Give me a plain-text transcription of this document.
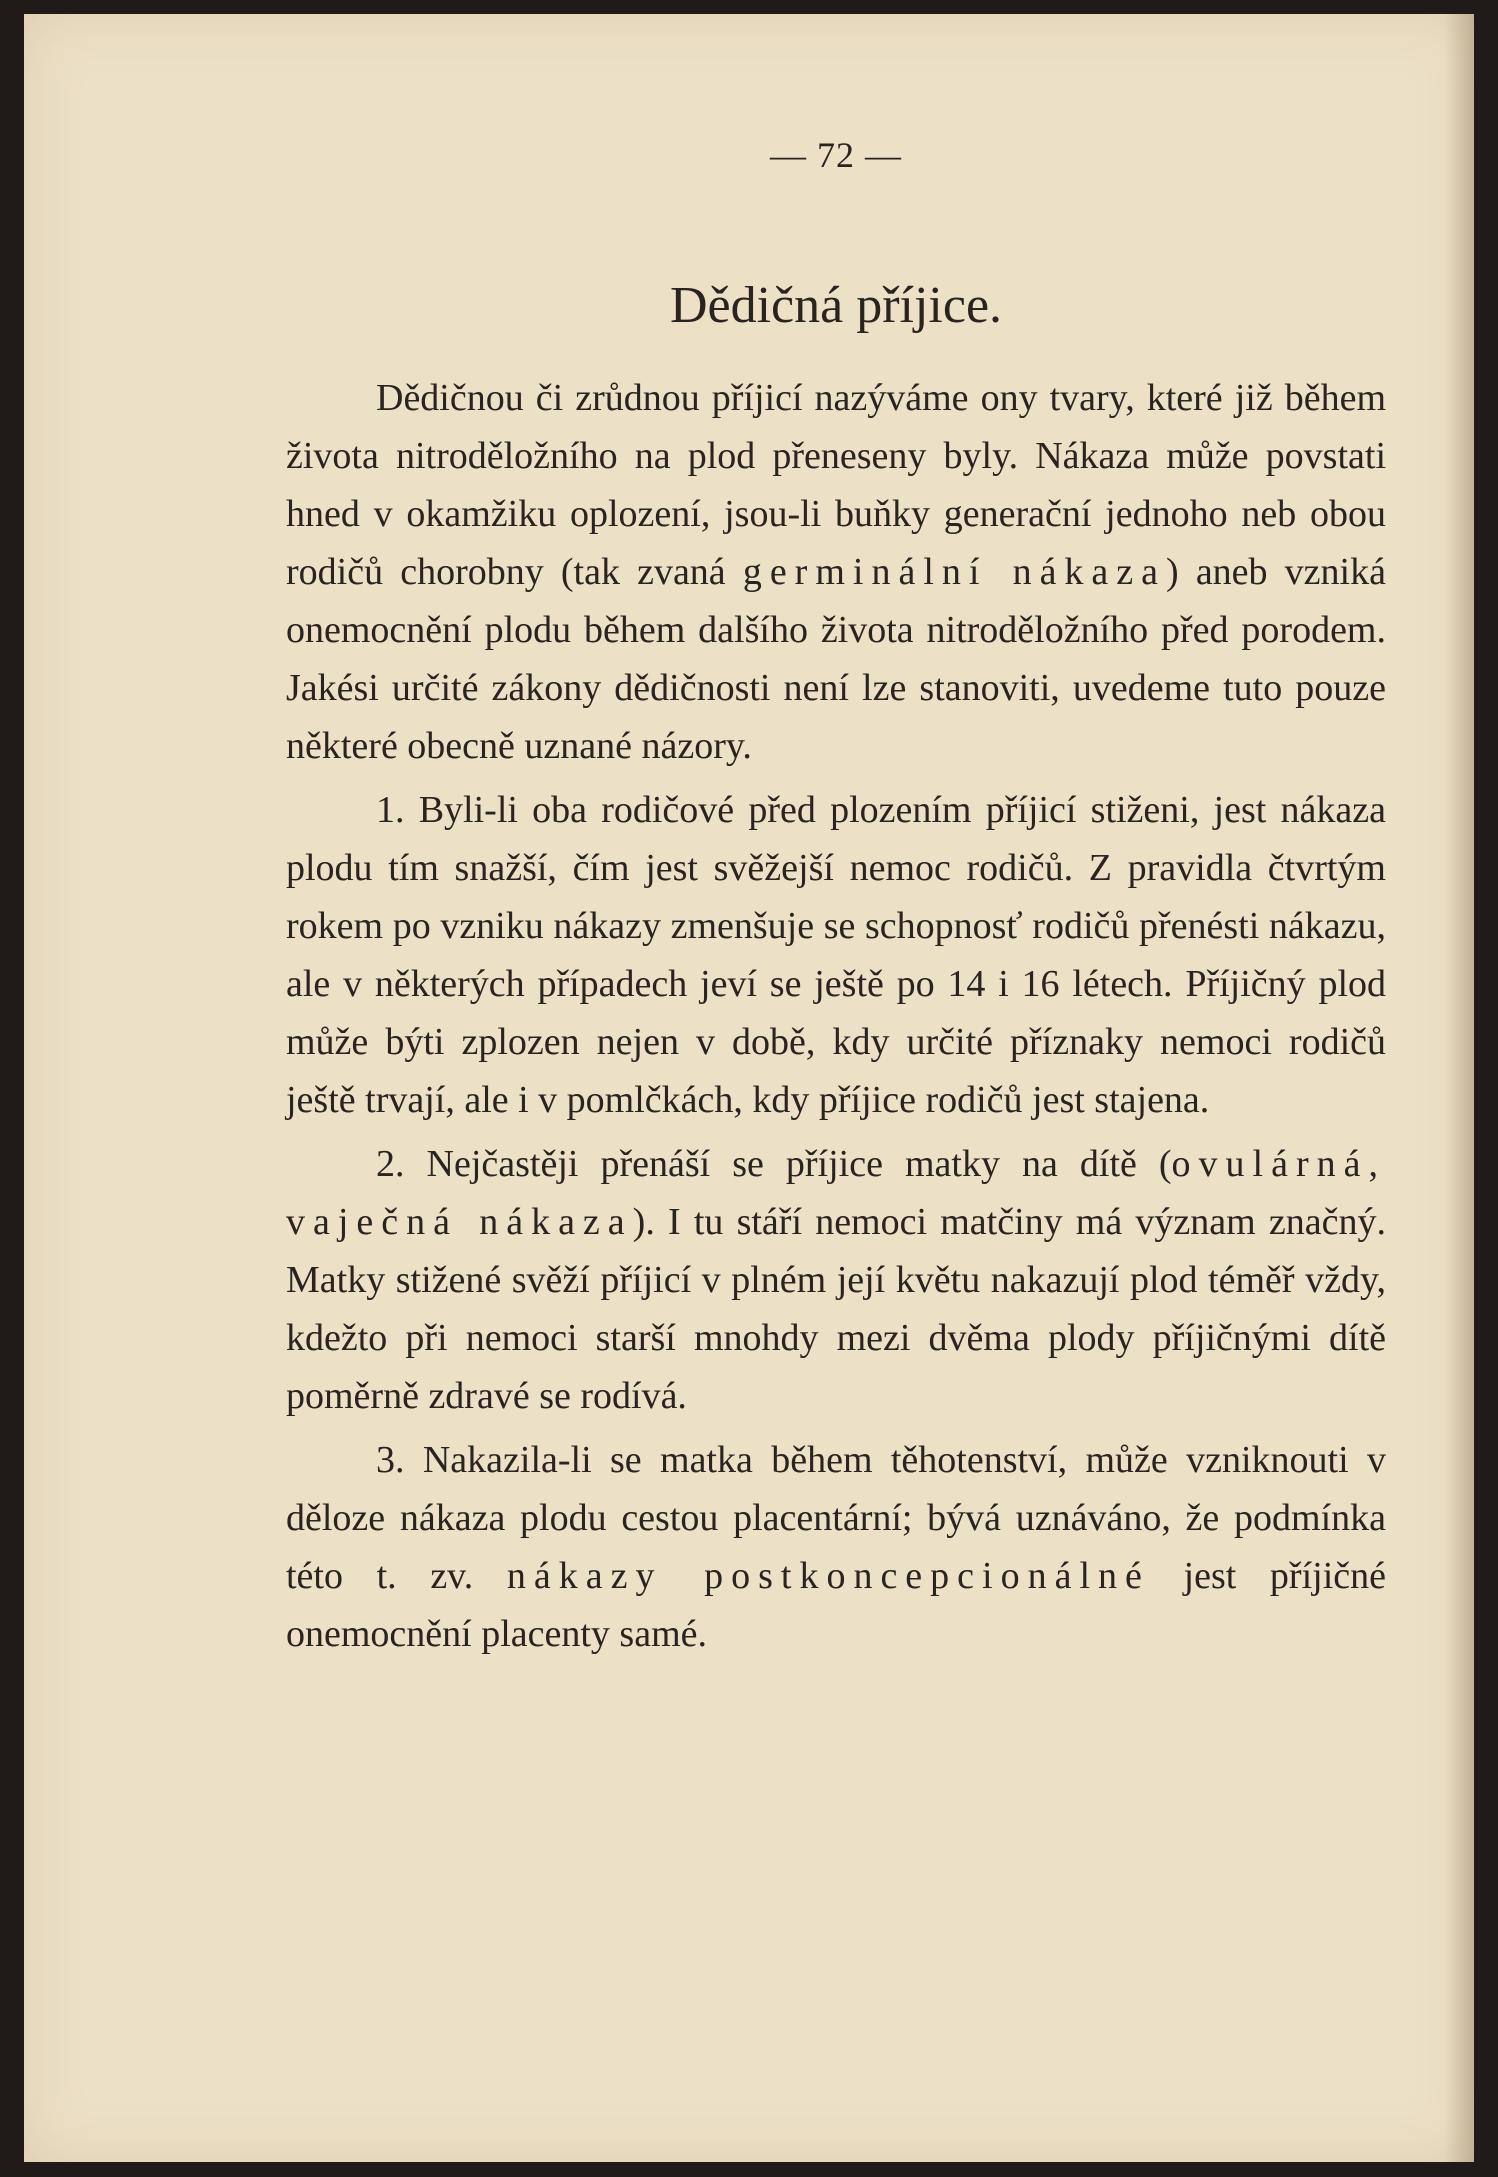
— 72 —
Dědičná příjice.

Dědičnou či zrůdnou příjicí nazýváme ony tvary, které již během života nitroděložního na plod přeneseny byly. Nákaza může povstati hned v okamžiku oplození, jsou-li buňky generační jednoho neb obou rodičů chorobny (tak zvaná germinální nákaza) aneb vzniká onemocnění plodu během dalšího života nitroděložního před porodem. Jakési určité zákony dědičnosti není lze stanoviti, uvedeme tuto pouze některé obecně uznané názory.

1. Byli-li oba rodičové před plozením příjicí stiženi, jest nákaza plodu tím snažší, čím jest svěžejší nemoc rodičů. Z pravidla čtvrtým rokem po vzniku nákazy zmenšuje se schopnosť rodičů přenésti nákazu, ale v některých případech jeví se ještě po 14 i 16 létech. Příjičný plod může býti zplozen nejen v době, kdy určité příznaky nemoci rodičů ještě trvají, ale i v pomlčkách, kdy příjice rodičů jest stajena.

2. Nejčastěji přenáší se příjice matky na dítě (ovulárná, vaječná nákaza). I tu stáří nemoci matčiny má význam značný. Matky stižené svěží příjicí v plném její květu nakazují plod téměř vždy, kdežto při nemoci starší mnohdy mezi dvěma plody příjičnými dítě poměrně zdravé se rodívá.

3. Nakazila-li se matka během těhotenství, může vzniknouti v děloze nákaza plodu cestou placentární; bývá uznáváno, že podmínka této t. zv. nákazy postkoncepcionálné jest příjičné onemocnění placenty samé.
